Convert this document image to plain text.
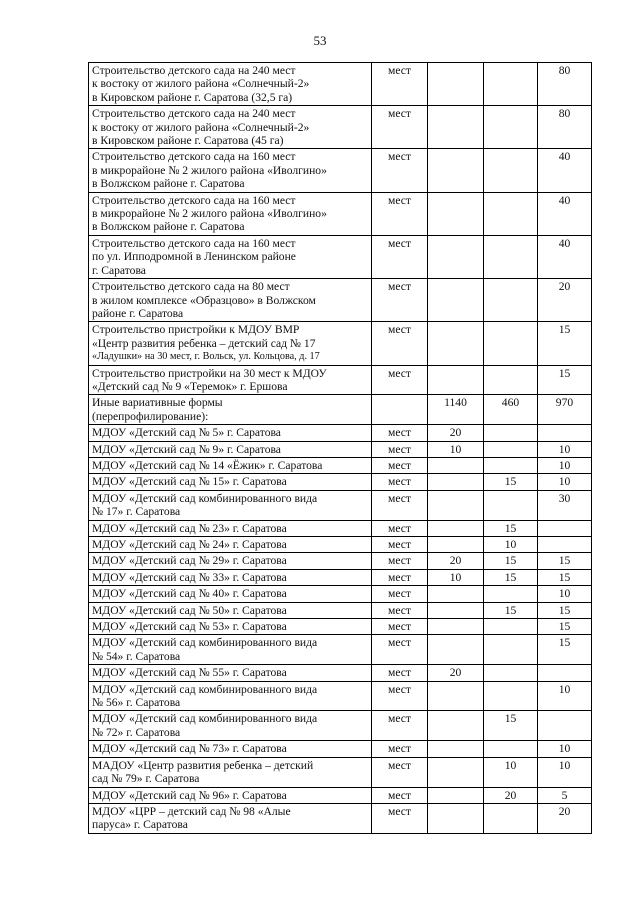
53
Строительство детского сада на 240 мест
к востоку от жилого района «Солнечный-2»
в Кировском районе г. Саратова (32,5 га)	мест			80

Строительство детского сада на 240 мест
к востоку от жилого района «Солнечный-2»
в Кировском районе г. Саратова (45 га)	мест			80

Строительство детского сада на 160 мест
в микрорайоне № 2 жилого района «Иволгино»
в Волжском районе г. Саратова	мест			40

Строительство детского сада на 160 мест
в микрорайоне № 2 жилого района «Иволгино»
в Волжском районе г. Саратова	мест			40

Строительство детского сада на 160 мест
по ул. Ипподромной в Ленинском районе
г. Саратова	мест			40

Строительство детского сада на 80 мест
в жилом комплексе «Образцово» в Волжском
районе г. Саратова	мест			20

Строительство пристройки к МДОУ ВМР
«Центр развития ребенка – детский сад № 17
«Ладушки» на 30 мест, г. Вольск, ул. Кольцова, д. 17	мест			15

Строительство пристройки на 30 мест к МДОУ
«Детский сад № 9 «Теремок» г. Ершова	мест			15

Иные вариативные формы
(перепрофилирование):		1140	460	970

МДОУ «Детский сад № 5» г. Саратова	мест	20		

МДОУ «Детский сад № 9» г. Саратова	мест	10		10

МДОУ «Детский сад № 14 «Ёжик» г. Саратова	мест			10

МДОУ «Детский сад № 15» г. Саратова	мест		15	10

МДОУ «Детский сад комбинированного вида
№ 17» г. Саратова	мест			30

МДОУ «Детский сад № 23» г. Саратова	мест		15	

МДОУ «Детский сад № 24» г. Саратова	мест		10	

МДОУ «Детский сад № 29» г. Саратова	мест	20	15	15

МДОУ «Детский сад № 33» г. Саратова	мест	10	15	15

МДОУ «Детский сад № 40» г. Саратова	мест			10

МДОУ «Детский сад № 50» г. Саратова	мест		15	15

МДОУ «Детский сад № 53» г. Саратова	мест			15

МДОУ «Детский сад комбинированного вида
№ 54» г. Саратова	мест			15

МДОУ «Детский сад № 55» г. Саратова	мест	20		

МДОУ «Детский сад комбинированного вида
№ 56» г. Саратова	мест			10

МДОУ «Детский сад комбинированного вида
№ 72» г. Саратова	мест		15	

МДОУ «Детский сад № 73» г. Саратова	мест			10

МАДОУ «Центр развития ребенка – детский
сад № 79» г. Саратова	мест		10	10

МДОУ «Детский сад № 96» г. Саратова	мест		20	5

МДОУ «ЦРР – детский сад № 98 «Алые
паруса» г. Саратова	мест			20
